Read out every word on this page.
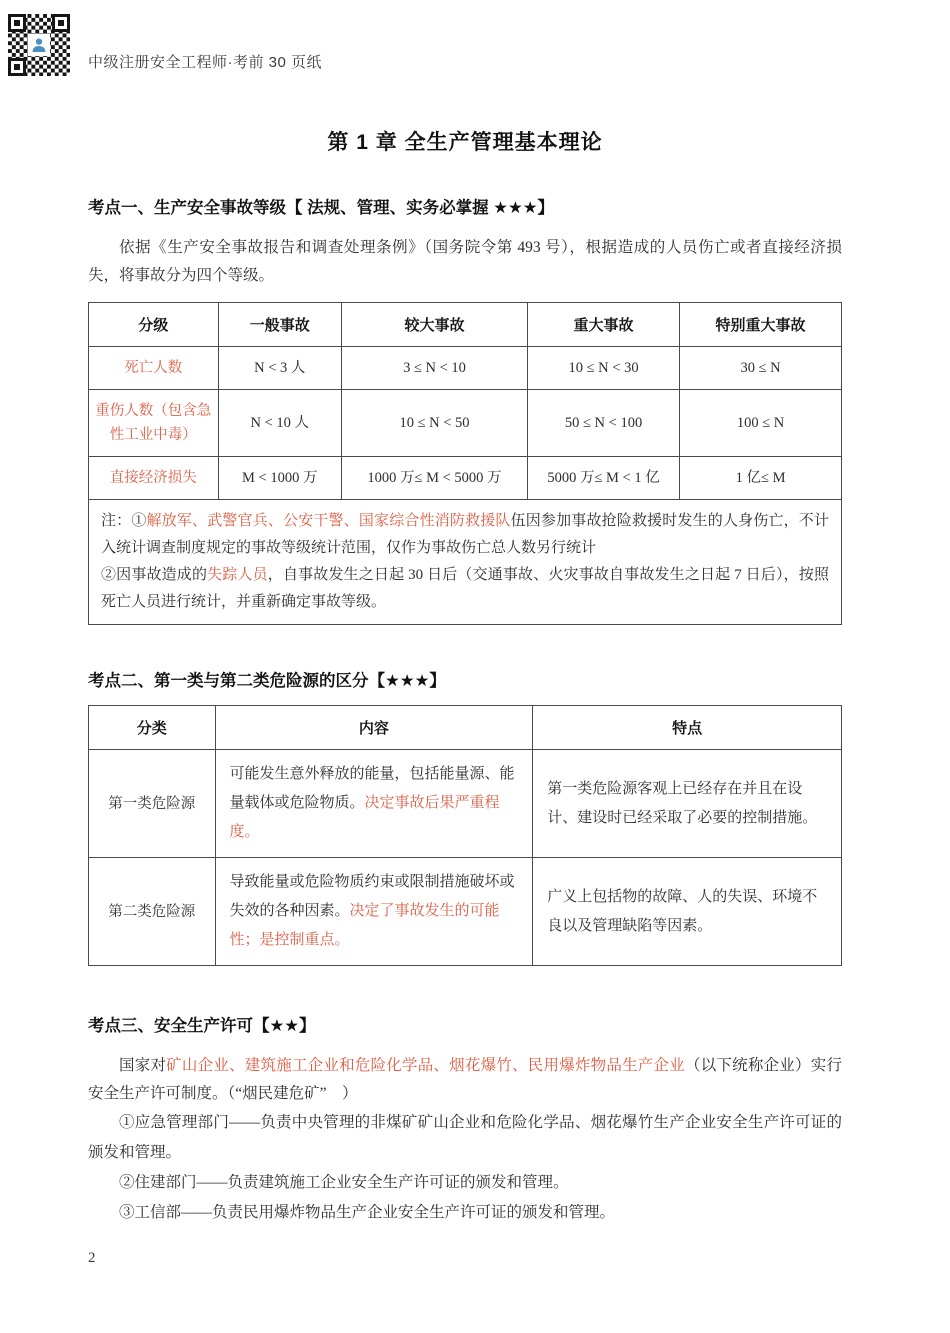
中级注册安全工程师·考前 30 页纸
第 1 章 全生产管理基本理论
考点一、生产安全事故等级【 法规、管理、实务必掌握 ★★★】

依据《生产安全事故报告和调查处理条例》（国务院令第 493 号），根据造成的人员伤亡或者直接经济损失，将事故分为四个等级。

分级	一般事故	较大事故	重大事故	特别重大事故
死亡人数	N < 3 人	3 ≤ N < 10	10 ≤ N < 30	30 ≤ N
重伤人数（包含急性工业中毒）	N < 10 人	10 ≤ N < 50	50 ≤ N < 100	100 ≤ N
直接经济损失	M < 1000 万	1000 万≤ M < 5000 万	5000 万≤ M < 1 亿	1 亿≤ M

注：①解放军、武警官兵、公安干警、国家综合性消防救援队伍因参加事故抢险救援时发生的人身伤亡，不计入统计调查制度规定的事故等级统计范围，仅作为事故伤亡总人数另行统计

②因事故造成的失踪人员，自事故发生之日起 30 日后（交通事故、火灾事故自事故发生之日起 7 日后），按照死亡人员进行统计，并重新确定事故等级。				

考点二、第一类与第二类危险源的区分【★★★】
分类	内容	特点
第一类危险源	可能发生意外释放的能量，包括能量源、能量载体或危险物质。决定事故后果严重程度。	第一类危险源客观上已经存在并且在设计、建设时已经采取了必要的控制措施。
第二类危险源	导致能量或危险物质约束或限制措施破坏或失效的各种因素。决定了事故发生的可能性；是控制重点。	广义上包括物的故障、人的失误、环境不良以及管理缺陷等因素。
考点三、安全生产许可【★★】

国家对矿山企业、建筑施工企业和危险化学品、烟花爆竹、民用爆炸物品生产企业（以下统称企业）实行安全生产许可制度。（“烟民建危矿”　）

①应急管理部门——负责中央管理的非煤矿矿山企业和危险化学品、烟花爆竹生产企业安全生产许可证的颁发和管理。

②住建部门——负责建筑施工企业安全生产许可证的颁发和管理。

③工信部——负责民用爆炸物品生产企业安全生产许可证的颁发和管理。

2
